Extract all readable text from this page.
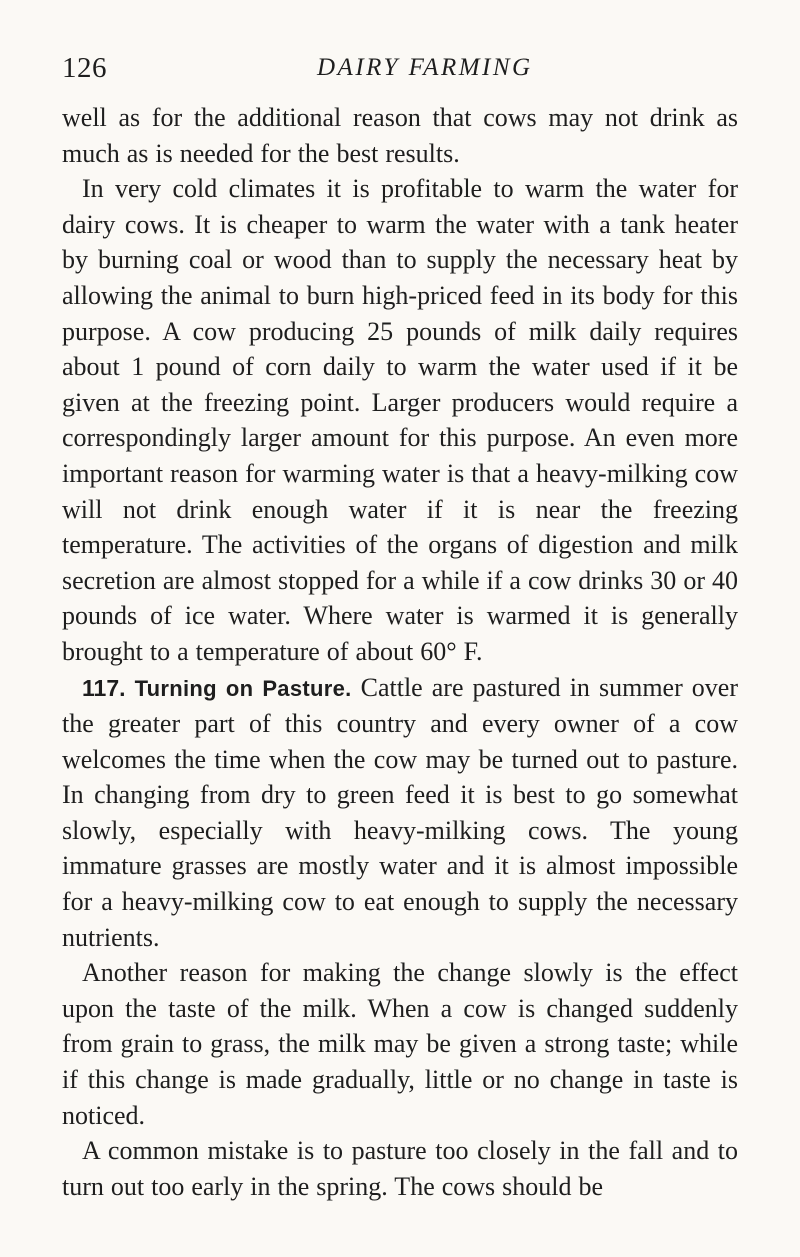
126	DAIRY FARMING

well as for the additional reason that cows may not drink as much as is needed for the best results.

In very cold climates it is profitable to warm the water for dairy cows. It is cheaper to warm the water with a tank heater by burning coal or wood than to supply the necessary heat by allowing the animal to burn high-priced feed in its body for this purpose. A cow producing 25 pounds of milk daily requires about 1 pound of corn daily to warm the water used if it be given at the freezing point. Larger producers would require a correspondingly larger amount for this purpose. An even more important reason for warming water is that a heavy-milking cow will not drink enough water if it is near the freezing temperature. The activities of the organs of digestion and milk secretion are almost stopped for a while if a cow drinks 30 or 40 pounds of ice water. Where water is warmed it is generally brought to a temperature of about 60° F.

117. Turning on Pasture. Cattle are pastured in summer over the greater part of this country and every owner of a cow welcomes the time when the cow may be turned out to pasture. In changing from dry to green feed it is best to go somewhat slowly, especially with heavy-milking cows. The young immature grasses are mostly water and it is almost impossible for a heavy-milking cow to eat enough to supply the necessary nutrients.

Another reason for making the change slowly is the effect upon the taste of the milk. When a cow is changed suddenly from grain to grass, the milk may be given a strong taste; while if this change is made gradually, little or no change in taste is noticed.

A common mistake is to pasture too closely in the fall and to turn out too early in the spring. The cows should be
